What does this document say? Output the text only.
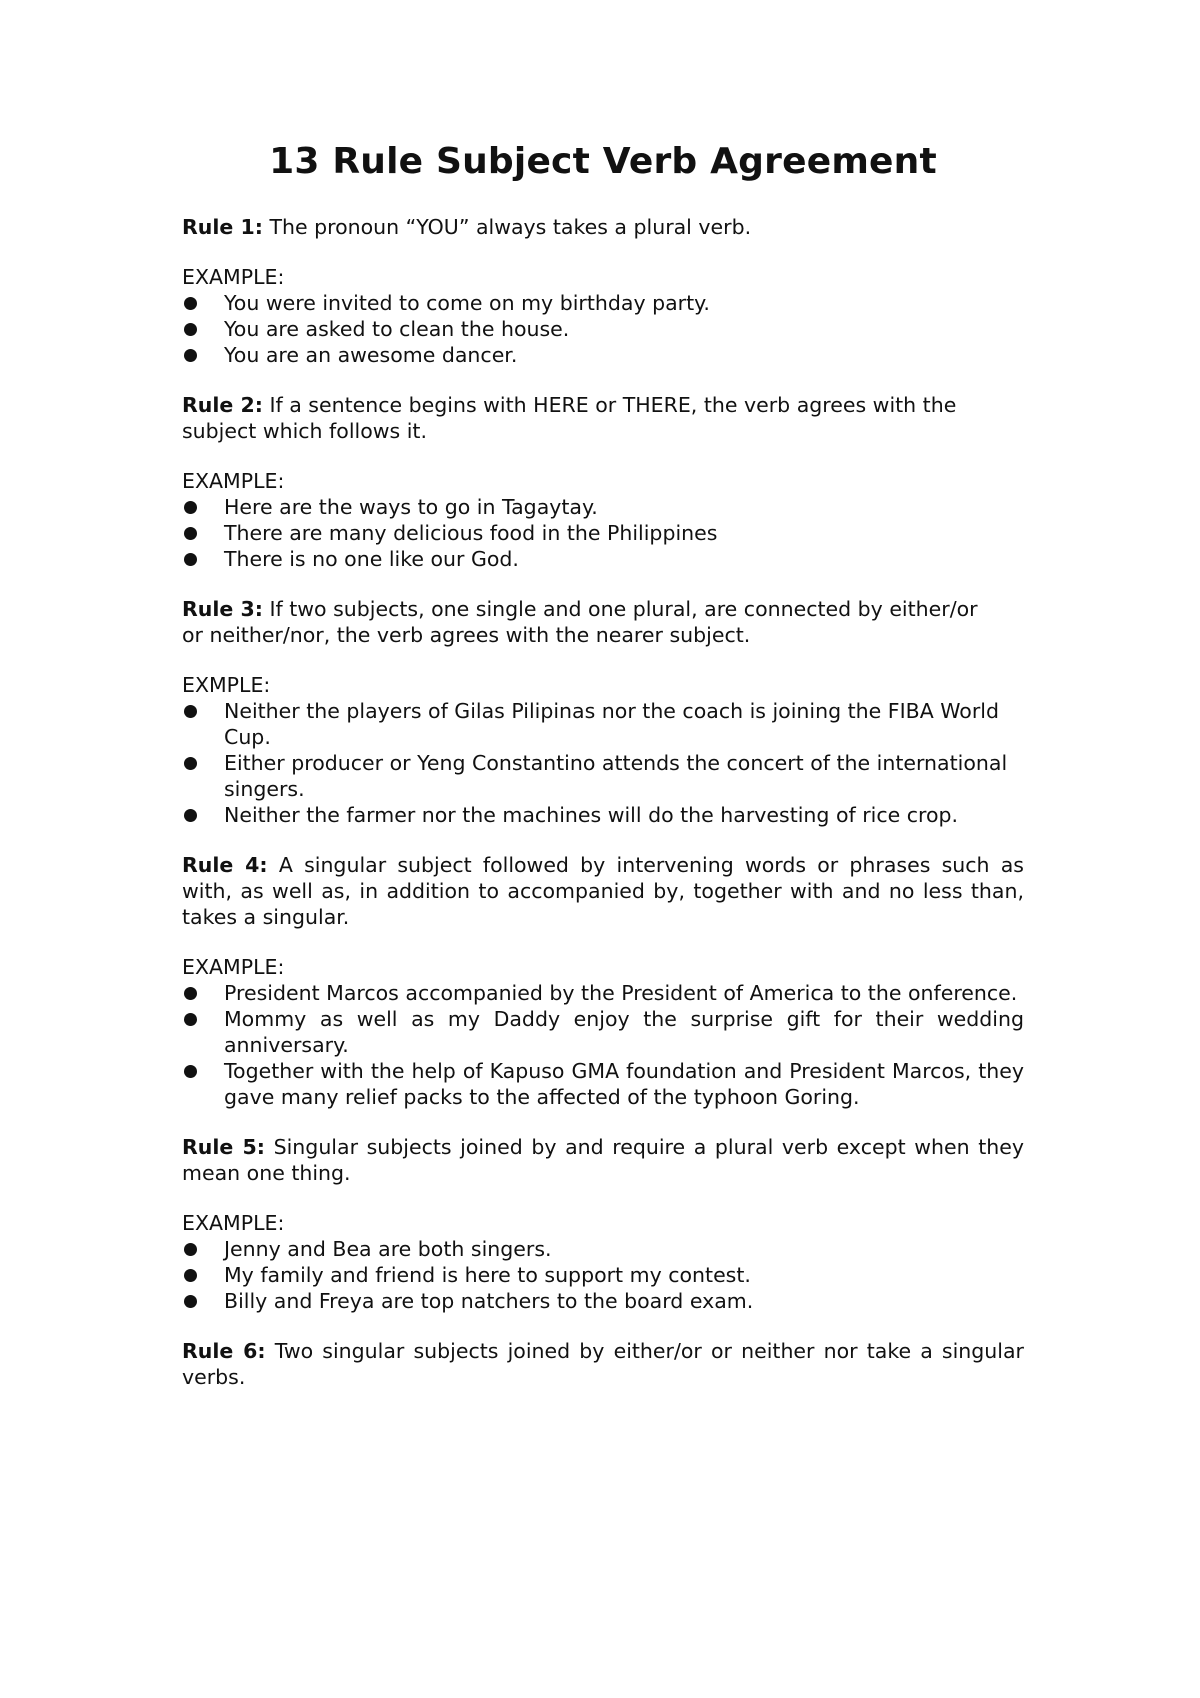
13 Rule Subject Verb Agreement

Rule 1: The pronoun “YOU” always takes a plural verb.

EXAMPLE:

You were invited to come on my birthday party.
You are asked to clean the house.
You are an awesome dancer.

Rule 2: If a sentence begins with HERE or THERE, the verb agrees with the subject which follows it.

EXAMPLE:

Here are the ways to go in Tagaytay.
There are many delicious food in the Philippines
There is no one like our God.

Rule 3: If two subjects, one single and one plural, are connected by either/or

or neither/nor, the verb agrees with the nearer subject.

EXMPLE:

Neither the players of Gilas Pilipinas nor the coach is joining the FIBA World Cup.
Either producer or Yeng Constantino attends the concert of the international singers.
Neither the farmer nor the machines will do the harvesting of rice crop.

Rule 4: A singular subject followed by intervening words or phrases such as with, as well as, in addition to accompanied by, together with and no less than, takes a singular.

EXAMPLE:

President Marcos accompanied by the President of America to the onference.
Mommy as well as my Daddy enjoy the surprise gift for their wedding anniversary.
Together with the help of Kapuso GMA foundation and President Marcos, they gave many relief packs to the affected of the typhoon Goring.

Rule 5: Singular subjects joined by and require a plural verb except when they mean one thing.

EXAMPLE:

Jenny and Bea are both singers.
My family and friend is here to support my contest.
Billy and Freya are top natchers to the board exam.

Rule 6: Two singular subjects joined by either/or or neither nor take a singular verbs.
